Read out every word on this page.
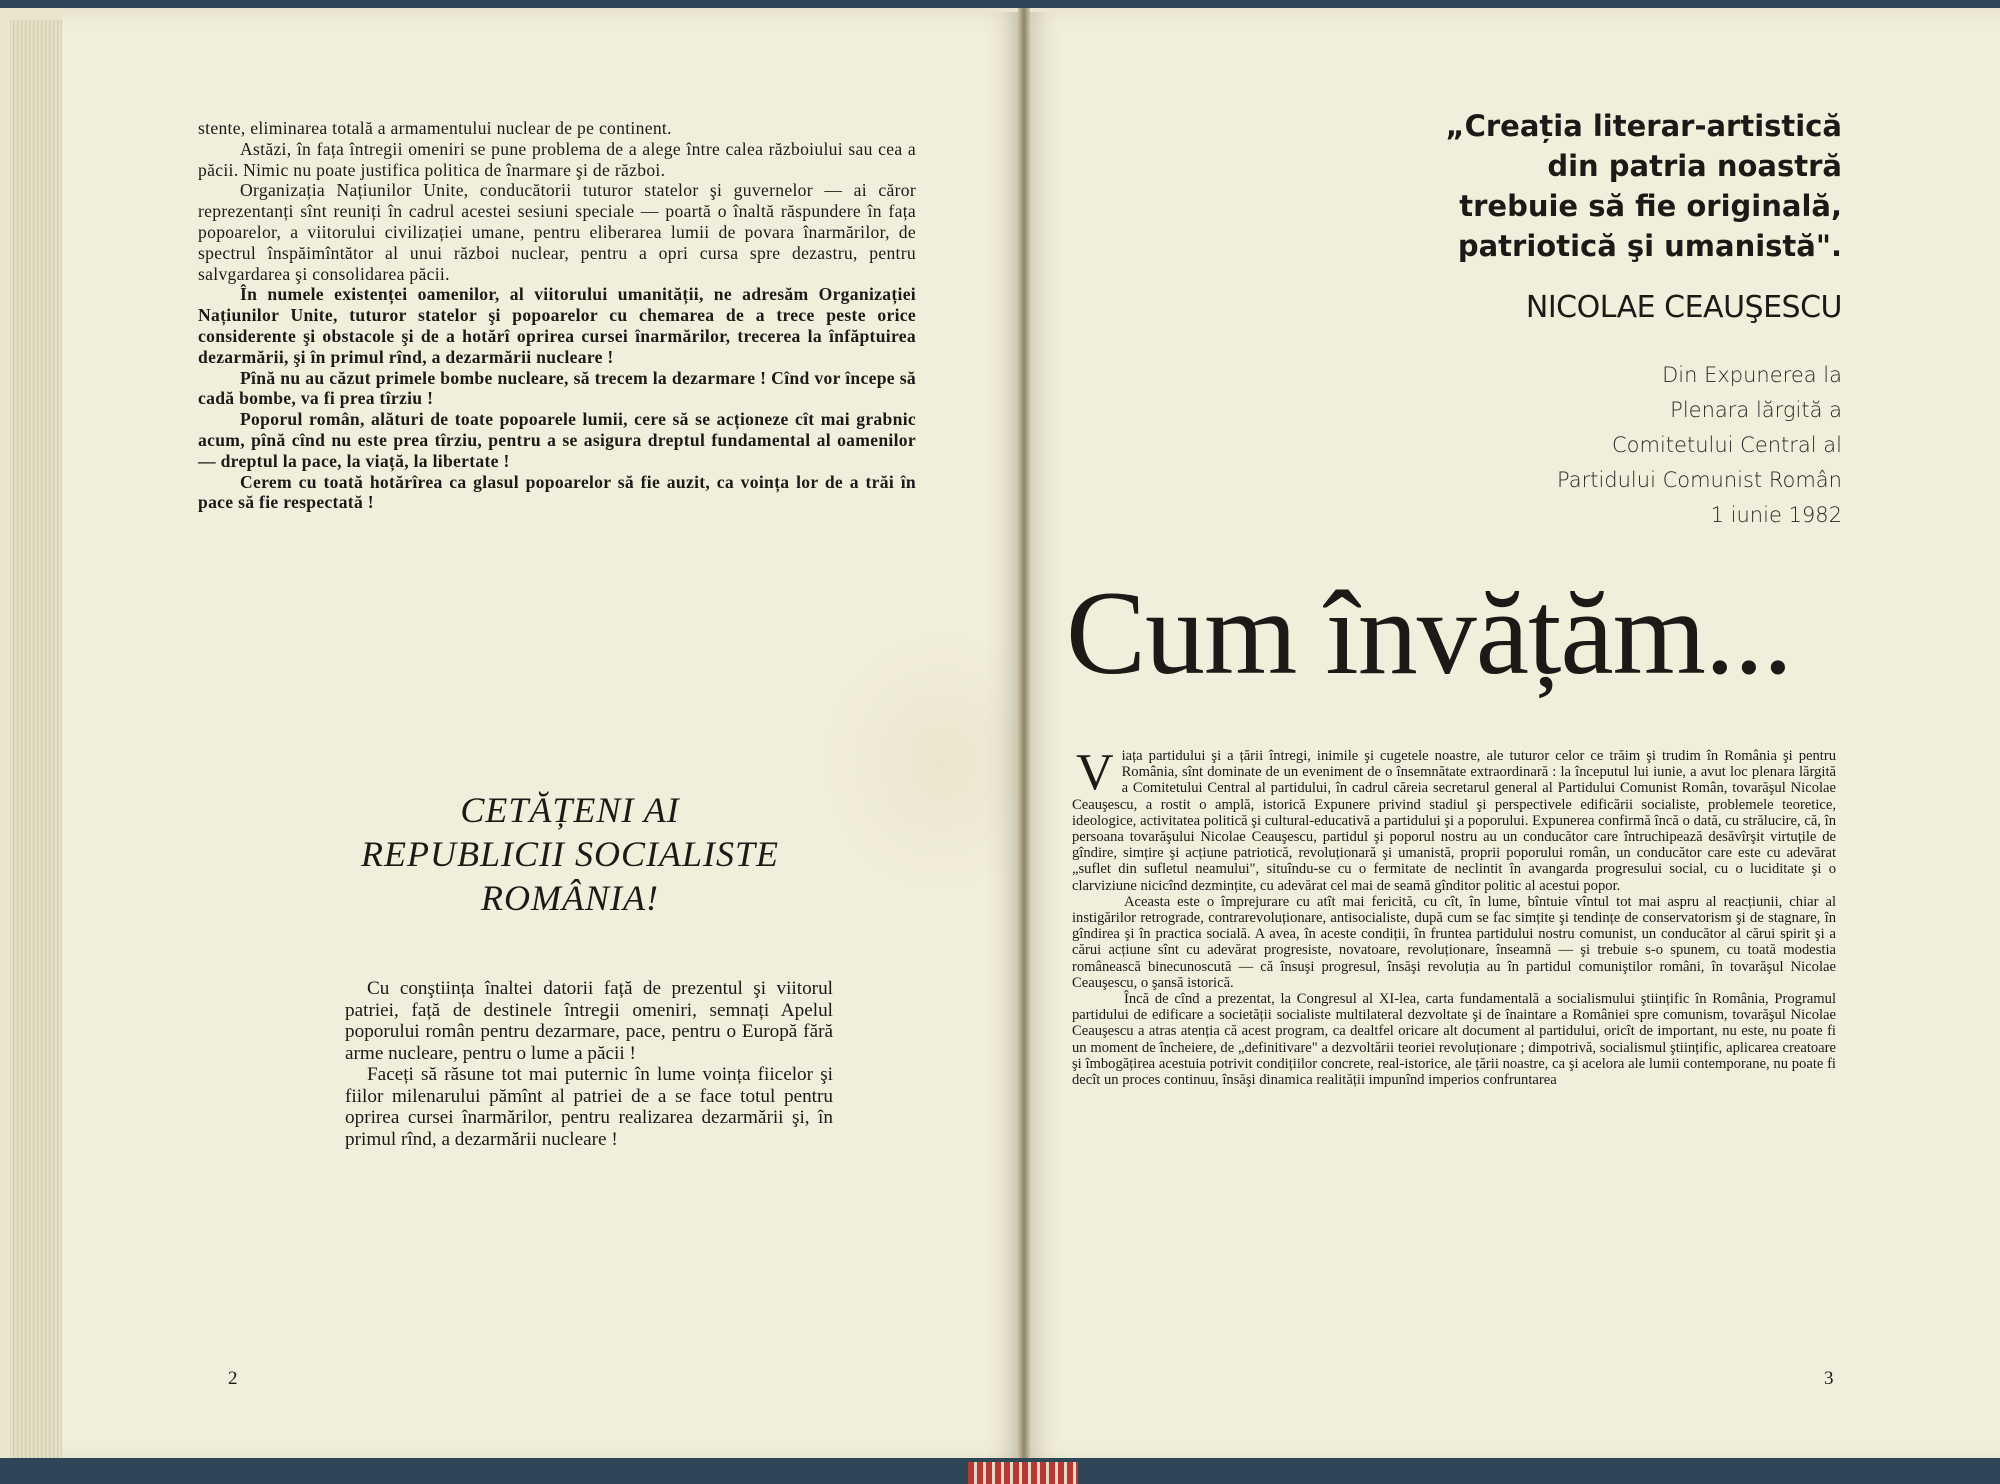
stente, eliminarea totală a armamentului nuclear de pe continent.

Astăzi, în fața întregii omeniri se pune problema de a alege între calea războiului sau cea a păcii. Nimic nu poate justifica politica de înarmare şi de război.

Organizația Națiunilor Unite, conducătorii tuturor statelor şi guvernelor — ai căror reprezentanți sînt reuniți în cadrul acestei sesiuni speciale — poartă o înaltă răspundere în fața popoarelor, a viitorului civilizației umane, pentru eliberarea lumii de povara înarmărilor, de spectrul înspăimîntător al unui război nuclear, pentru a opri cursa spre dezastru, pentru salvgardarea şi consolidarea păcii.

În numele existenței oamenilor, al viitorului umanității, ne adresăm Organizației Națiunilor Unite, tuturor statelor şi popoarelor cu chemarea de a trece peste orice considerente şi obstacole şi de a hotărî oprirea cursei înarmărilor, trecerea la înfăptuirea dezarmării, şi în primul rînd, a dezarmării nucleare !

Pînă nu au căzut primele bombe nucleare, să trecem la dezarmare ! Cînd vor începe să cadă bombe, va fi prea tîrziu !

Poporul român, alături de toate popoarele lumii, cere să se acționeze cît mai grabnic acum, pînă cînd nu este prea tîrziu, pentru a se asigura dreptul fundamental al oamenilor — dreptul la pace, la viață, la libertate !

Cerem cu toată hotărîrea ca glasul popoarelor să fie auzit, ca voința lor de a trăi în pace să fie respectată !

CETĂȚENI AI
REPUBLICII SOCIALISTE
ROMÂNIA!

Cu conştiința înaltei datorii față de prezentul şi viitorul patriei, față de destinele întregii omeniri, semnați Apelul poporului român pentru dezarmare, pace, pentru o Europă fără arme nucleare, pentru o lume a păcii !

Faceți să răsune tot mai puternic în lume voința fiicelor şi fiilor milenarului pămînt al patriei de a se face totul pentru oprirea cursei înarmărilor, pentru realizarea dezarmării şi, în primul rînd, a dezarmării nucleare !

2
„Creația literar-artistică
din patria noastră
trebuie să fie originală,
patriotică şi umanistă".
NICOLAE CEAUŞESCU
Din Expunerea la
Plenara lărgită a
Comitetului Central al
Partidului Comunist Român
1 iunie 1982
Cum învățăm...

Viața partidului şi a țării întregi, inimile şi cugetele noastre, ale tuturor celor ce trăim şi trudim în România şi pentru România, sînt dominate de un eveniment de o însemnătate extraordinară : la începutul lui iunie, a avut loc plenara lărgită a Comitetului Central al partidului, în cadrul căreia secretarul general al Partidului Comunist Român, tovarăşul Nicolae Ceauşescu, a rostit o amplă, istorică Expunere privind stadiul şi perspectivele edificării socialiste, problemele teoretice, ideologice, activitatea politică şi cultural-educativă a partidului şi a poporului. Expunerea confirmă încă o dată, cu strălucire, că, în persoana tovarăşului Nicolae Ceauşescu, partidul şi poporul nostru au un conducător care întruchipează desăvîrşit virtuțile de gîndire, simțire şi acțiune patriotică, revoluționară şi umanistă, proprii poporului român, un conducător care este cu adevărat „suflet din sufletul neamului", situîndu-se cu o fermitate de neclintit în avangarda progresului social, cu o luciditate şi o clarviziune nicicînd dezmințite, cu adevărat cel mai de seamă gînditor politic al acestui popor.

Aceasta este o împrejurare cu atît mai fericită, cu cît, în lume, bîntuie vîntul tot mai aspru al reacțiunii, chiar al instigărilor retrograde, contrarevoluționare, antisocialiste, după cum se fac simțite şi tendințe de conservatorism şi de stagnare, în gîndirea şi în practica socială. A avea, în aceste condiții, în fruntea partidului nostru comunist, un conducător al cărui spirit şi a cărui acțiune sînt cu adevărat progresiste, novatoare, revoluționare, înseamnă — şi trebuie s-o spunem, cu toată modestia românească binecunoscută — că însuşi progresul, însăşi revoluția au în partidul comuniştilor români, în tovarăşul Nicolae Ceauşescu, o şansă istorică.

Încă de cînd a prezentat, la Congresul al XI-lea, carta fundamentală a socialismului ştiințific în România, Programul partidului de edificare a societății socialiste multilateral dezvoltate şi de înaintare a României spre comunism, tovarăşul Nicolae Ceauşescu a atras atenția că acest program, ca dealtfel oricare alt document al partidului, oricît de important, nu este, nu poate fi un moment de încheiere, de „definitivare" a dezvoltării teoriei revoluționare ; dimpotrivă, socialismul ştiințific, aplicarea creatoare şi îmbogățirea acestuia potrivit condițiilor concrete, real-istorice, ale țării noastre, ca şi acelora ale lumii contemporane, nu poate fi decît un proces continuu, însăşi dinamica realității impunînd imperios confruntarea

3
